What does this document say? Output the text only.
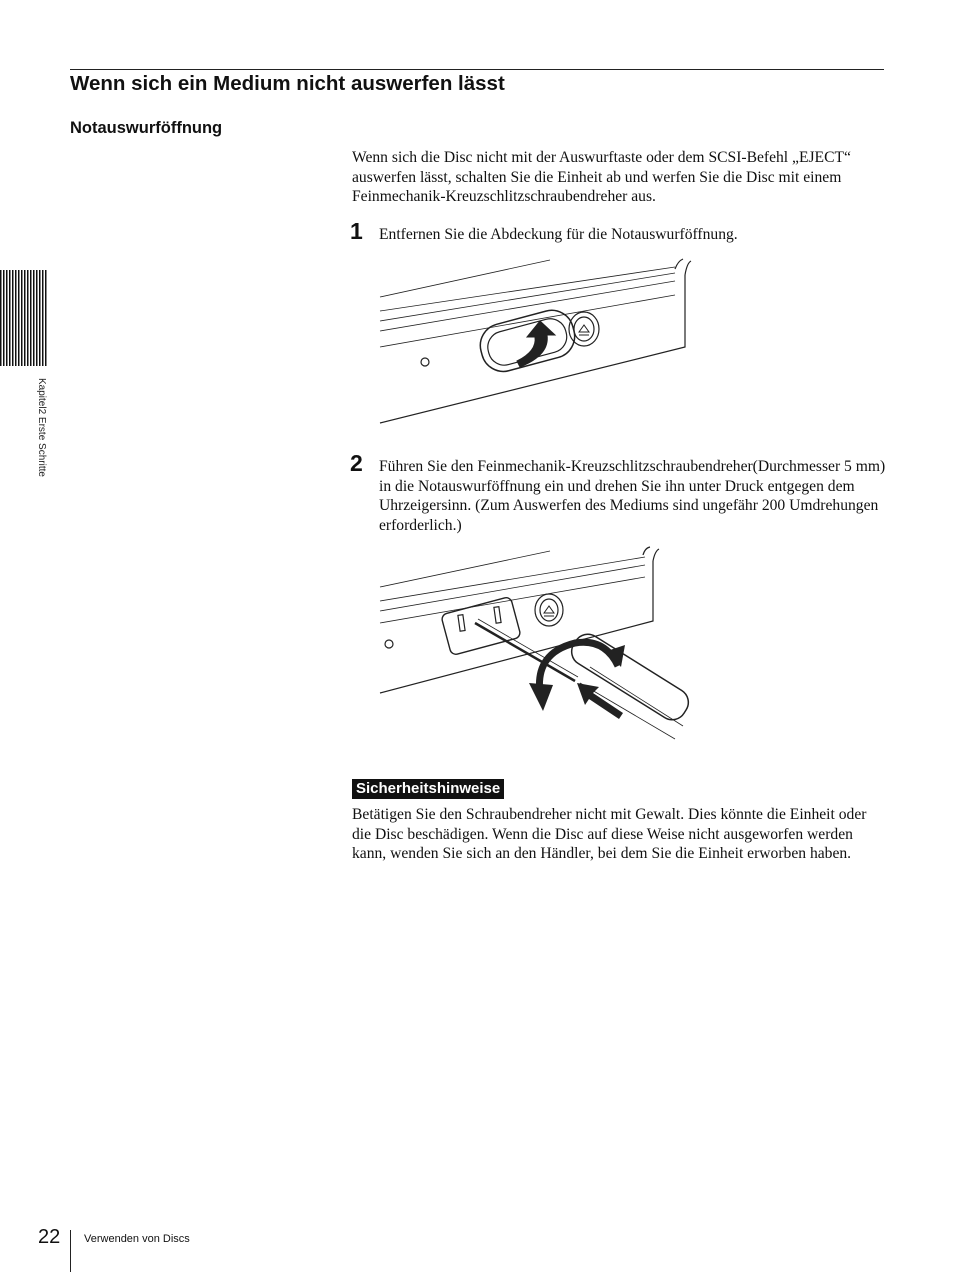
Wenn sich ein Medium nicht auswerfen lässt
Notauswurföffnung

Wenn sich die Disc nicht mit der Auswurftaste oder dem SCSI-Befehl „EJECT“ auswerfen lässt, schalten Sie die Einheit ab und werfen Sie die Disc mit einem Feinmechanik-Kreuzschlitzschraubendreher aus.

1 Entfernen Sie die Abdeckung für die Notauswurföffnung.

2 Führen Sie den Feinmechanik-Kreuzschlitzschraubendreher(Durchmesser 5 mm) in die Notauswurföffnung ein und drehen Sie ihn unter Druck entgegen dem Uhrzeigersinn. (Zum Auswerfen des Mediums sind ungefähr 200 Umdrehungen erforderlich.)

Sicherheitshinweise

Betätigen Sie den Schraubendreher nicht mit Gewalt. Dies könnte die Einheit oder die Disc beschädigen. Wenn die Disc auf diese Weise nicht ausgeworfen werden kann, wenden Sie sich an den Händler, bei dem Sie die Einheit erworben haben.

Kapitel2 Erste Schritte
22 Verwenden von Discs
